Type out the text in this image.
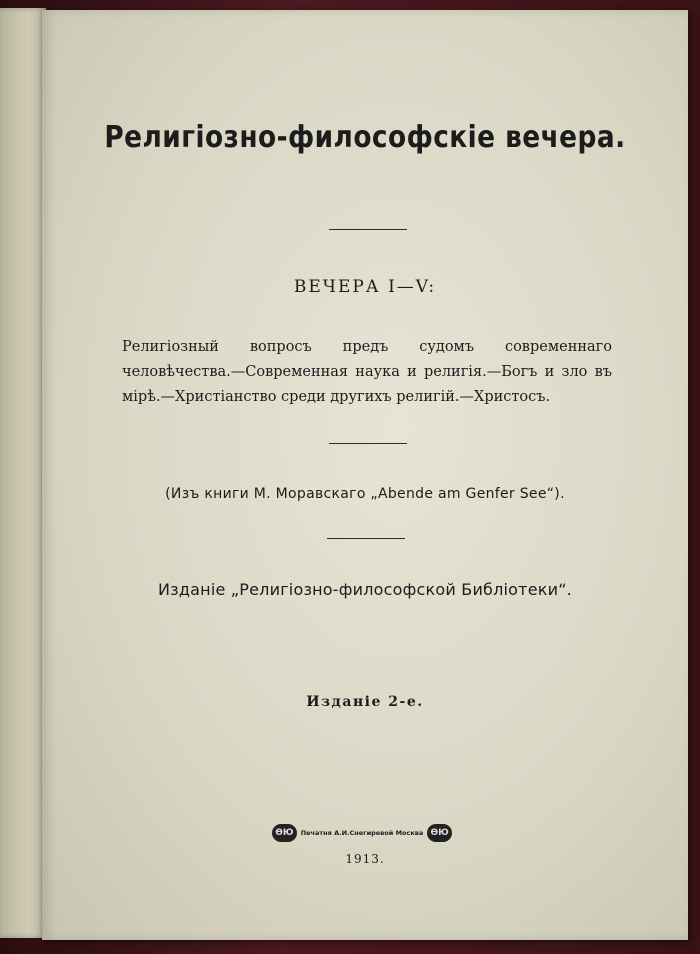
Религiозно-философскiе вечера.
ВЕЧЕРА I—V:
Религiозный вопросъ предъ судомъ современнаго человѣчества.—Современная наука и религiя.—Богъ и зло въ мiрѣ.—Христiанство среди другихъ религiй.—Христосъ.
(Изъ книги М. Моравскаго „Abende am Genfer See“).
Изданiе „Религiозно-философской Библiотеки“.
Изданiе 2-е.
ӨЮ	Печатня А.И.Снегиревой Москва ӨЮ
1913.
